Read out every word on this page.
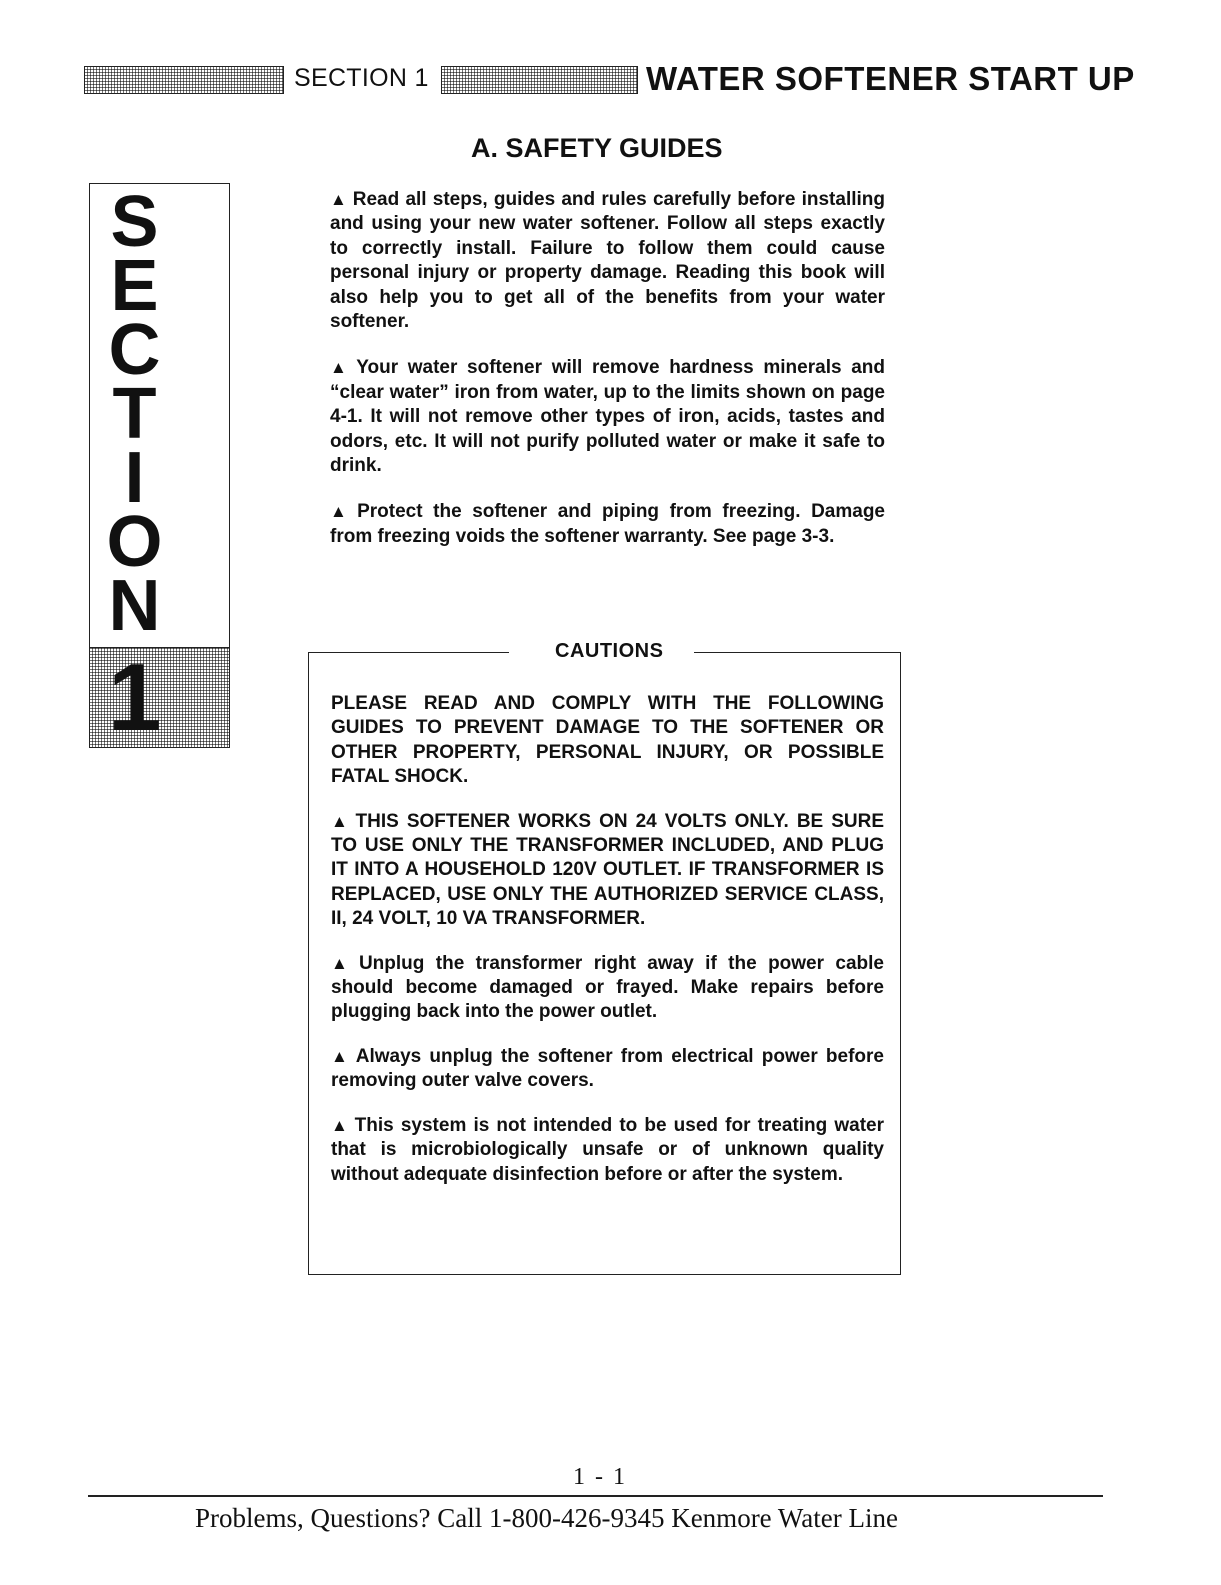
SECTION 1	WATER SOFTENER START UP
S
E
C
T
I
O
N
1
A. SAFETY GUIDES

▲ Read all steps, guides and rules carefully before installing and using your new water softener. Follow all steps exactly to correctly install. Failure to follow them could cause personal injury or property damage. Reading this book will also help you to get all of the benefits from your water softener.

▲ Your water softener will remove hardness minerals and “clear water” iron from water, up to the limits shown on page 4-1. It will not remove other types of iron, acids, tastes and odors, etc. It will not purify polluted water or make it safe to drink.

▲ Protect the softener and piping from freezing. Damage from freezing voids the softener warranty. See page 3-3.

CAUTIONS

PLEASE READ AND COMPLY WITH THE FOLLOWING GUIDES TO PREVENT DAMAGE TO THE SOFTENER OR OTHER PROPERTY, PERSONAL INJURY, OR POSSIBLE FATAL SHOCK.

▲ THIS SOFTENER WORKS ON 24 VOLTS ONLY. BE SURE TO USE ONLY THE TRANSFORMER INCLUDED, AND PLUG IT INTO A HOUSEHOLD 120V OUTLET. IF TRANSFORMER IS REPLACED, USE ONLY THE AUTHORIZED SERVICE CLASS, II, 24 VOLT, 10 VA TRANSFORMER.

▲ Unplug the transformer right away if the power cable should become damaged or frayed. Make repairs before plugging back into the power outlet.

▲ Always unplug the softener from electrical power before removing outer valve covers.

▲ This system is not intended to be used for treating water that is microbiologically unsafe or of unknown quality without adequate disinfection before or after the system.

1 - 1
Problems, Questions? Call 1-800-426-9345 Kenmore Water Line
